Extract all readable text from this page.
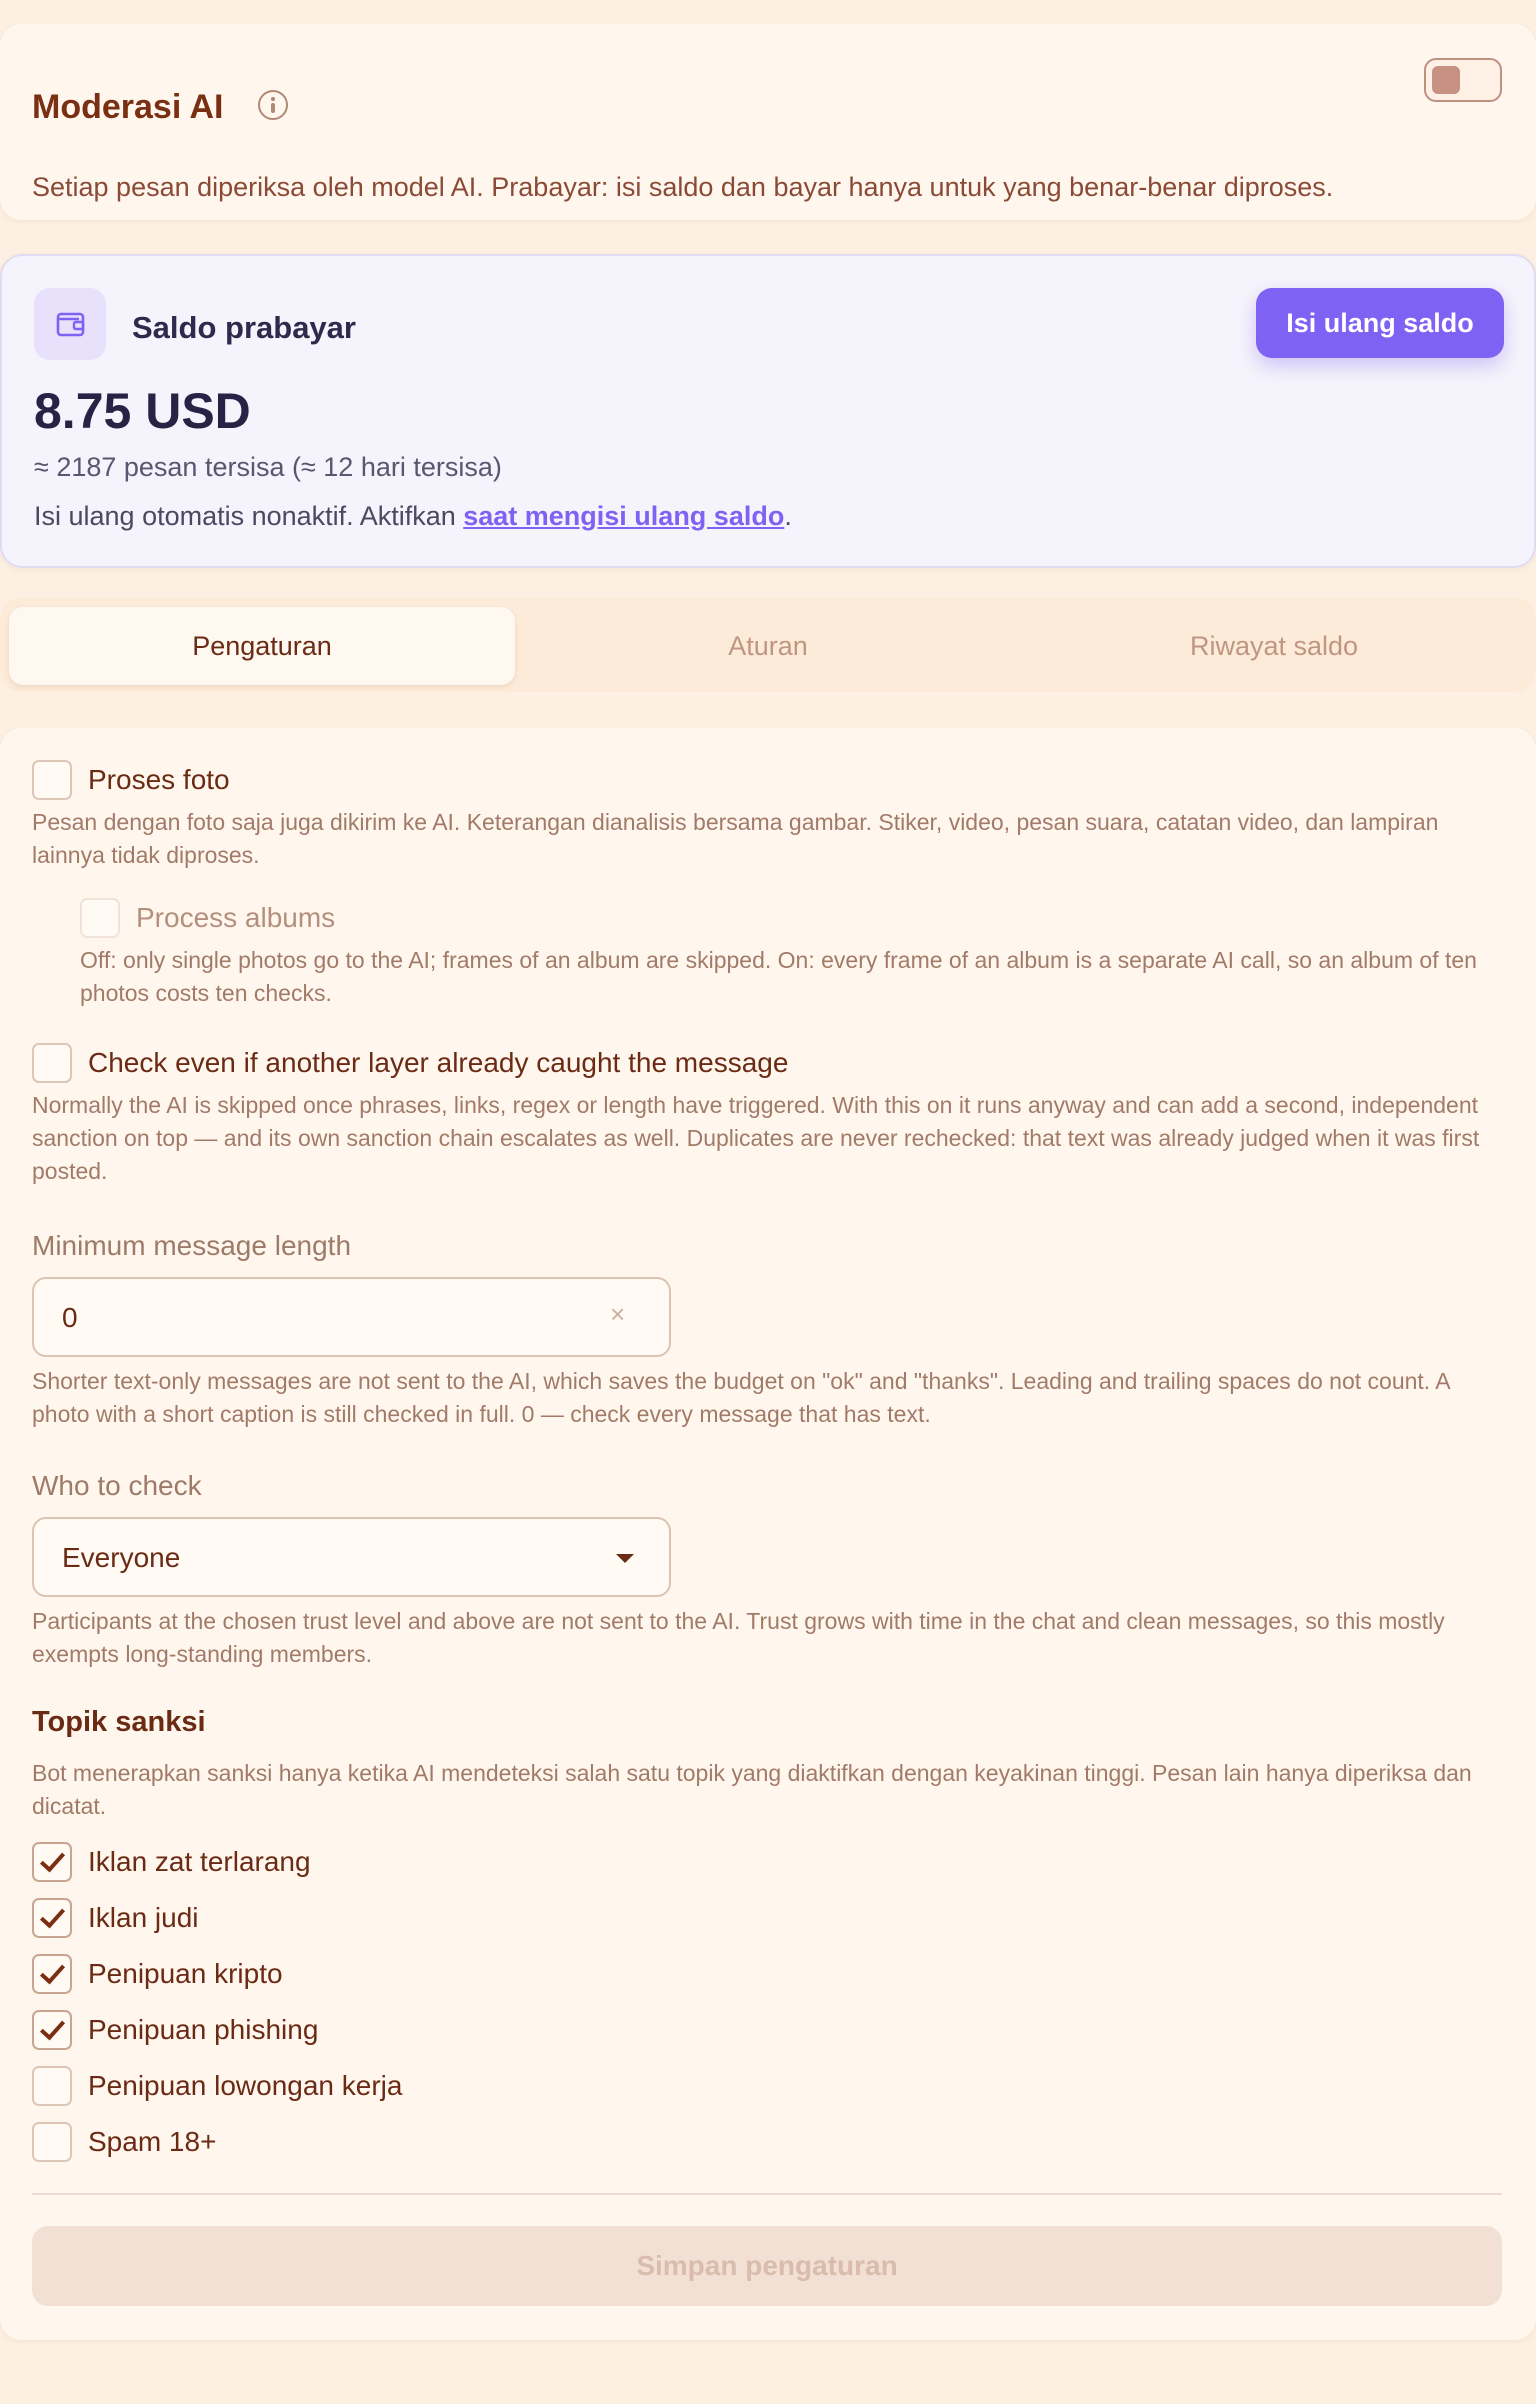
Moderasi AI
Setiap pesan diperiksa oleh model AI. Prabayar: isi saldo dan bayar hanya untuk yang benar-benar diproses.
Saldo prabayar	Isi ulang saldo
8.75 USD
≈ 2187 pesan tersisa (≈ 12 hari tersisa)
Isi ulang otomatis nonaktif. Aktifkan saat mengisi ulang saldo.
Pengaturan	Aturan	Riwayat saldo
Proses foto
Pesan dengan foto saja juga dikirim ke AI. Keterangan dianalisis bersama gambar. Stiker, video, pesan suara, catatan video, dan lampiran lainnya tidak diproses.
Process albums
Off: only single photos go to the AI; frames of an album are skipped. On: every frame of an album is a separate AI call, so an album of ten photos costs ten checks.
Check even if another layer already caught the message
Normally the AI is skipped once phrases, links, regex or length have triggered. With this on it runs anyway and can add a second, independent sanction on top — and its own sanction chain escalates as well. Duplicates are never rechecked: that text was already judged when it was first posted.
Minimum message length
0	×
Shorter text-only messages are not sent to the AI, which saves the budget on "ok" and "thanks". Leading and trailing spaces do not count. A photo with a short caption is still checked in full. 0 — check every message that has text.
Who to check
Everyone
Participants at the chosen trust level and above are not sent to the AI. Trust grows with time in the chat and clean messages, so this mostly exempts long-standing members.
Topik sanksi
Bot menerapkan sanksi hanya ketika AI mendeteksi salah satu topik yang diaktifkan dengan keyakinan tinggi. Pesan lain hanya diperiksa dan dicatat.
Iklan zat terlarang
Iklan judi
Penipuan kripto
Penipuan phishing
Penipuan lowongan kerja
Spam 18+
Simpan pengaturan
